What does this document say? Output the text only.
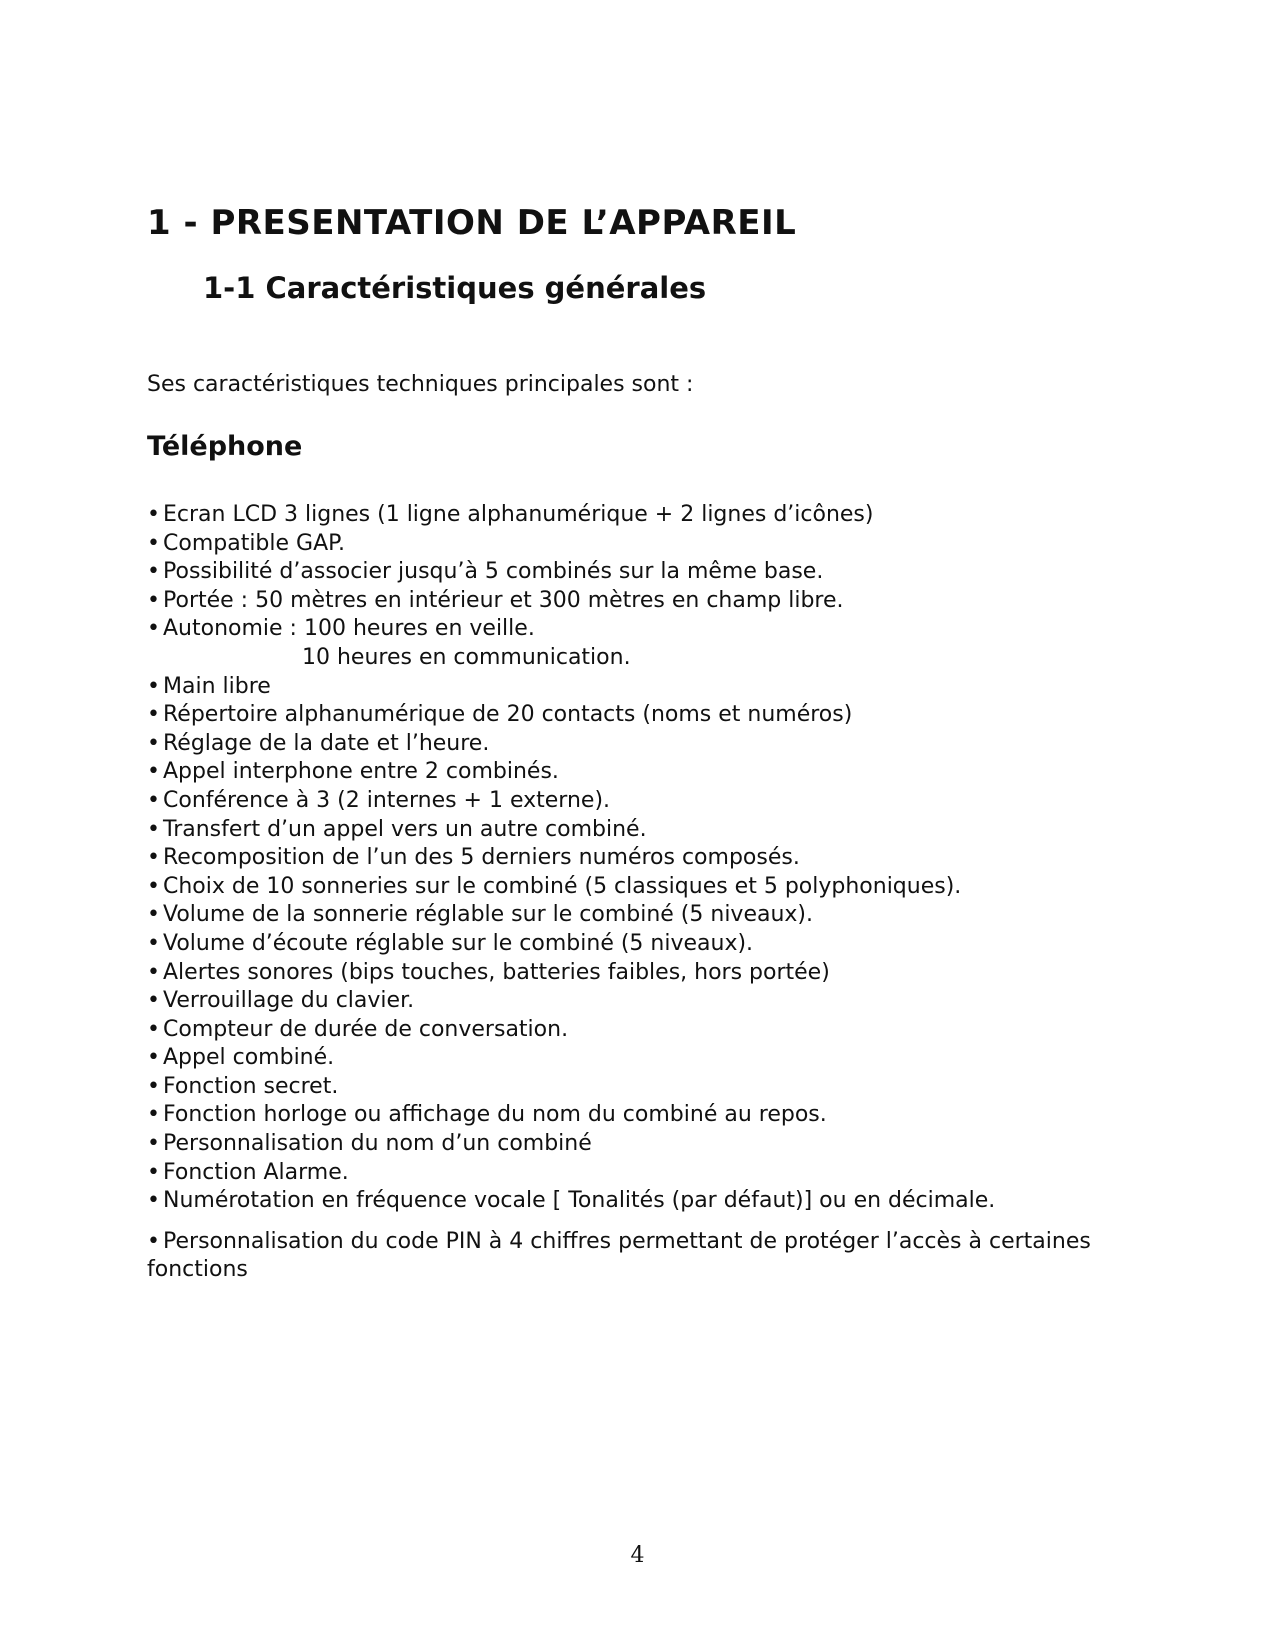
1 - PRESENTATION DE L’APPAREIL
1-1 Caractéristiques générales

Ses caractéristiques techniques principales sont :

Téléphone
• Ecran LCD 3 lignes (1 ligne alphanumérique + 2 lignes d’icônes)
• Compatible GAP.
• Possibilité d’associer jusqu’à 5 combinés sur la même base.
• Portée : 50 mètres en intérieur et 300 mètres en champ libre.
• Autonomie : 100 heures en veille.
10 heures en communication.
• Main libre
• Répertoire alphanumérique de 20 contacts (noms et numéros)
• Réglage de la date et l’heure.
• Appel interphone entre 2 combinés.
• Conférence à 3 (2 internes + 1 externe).
• Transfert d’un appel vers un autre combiné.
• Recomposition de l’un des 5 derniers numéros composés.
• Choix de 10 sonneries sur le combiné (5 classiques et 5 polyphoniques).
• Volume de la sonnerie réglable sur le combiné (5 niveaux).
• Volume d’écoute réglable sur le combiné (5 niveaux).
• Alertes sonores (bips touches, batteries faibles, hors portée)
• Verrouillage du clavier.
• Compteur de durée de conversation.
• Appel combiné.
• Fonction secret.
• Fonction horloge ou affichage du nom du combiné au repos.
• Personnalisation du nom d’un combiné
• Fonction Alarme.
• Numérotation en fréquence vocale [ Tonalités (par défaut)] ou en décimale.
• Personnalisation du code PIN à 4 chiffres permettant de protéger l’accès à certaines fonctions

4
